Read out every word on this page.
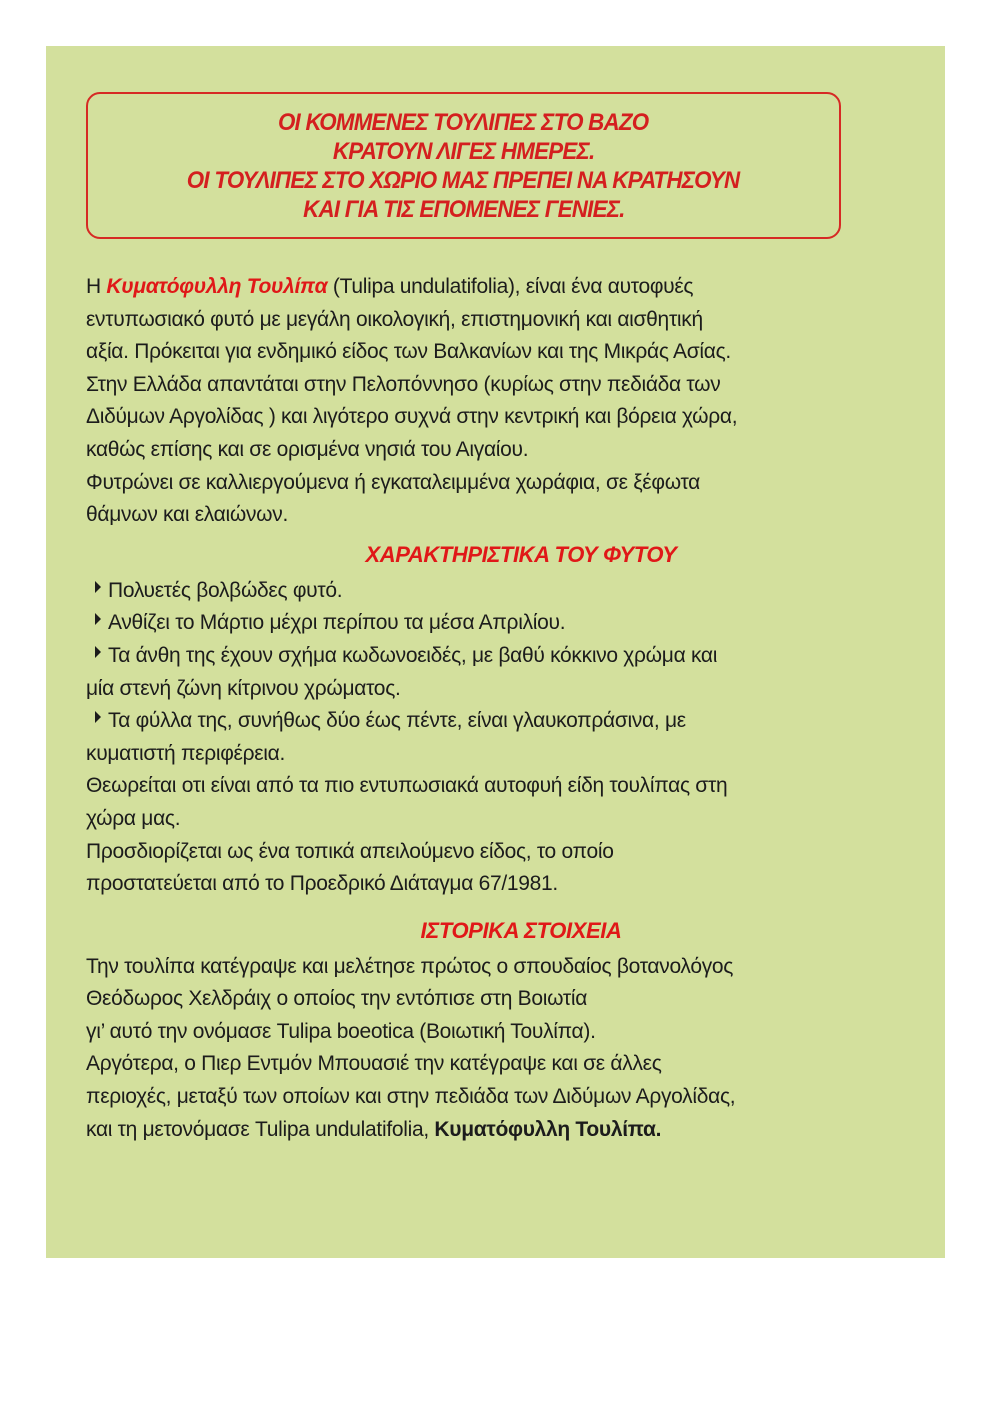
ΟΙ ΚΟΜΜΕΝΕΣ ΤΟΥΛΙΠΕΣ ΣΤΟ ΒΑΖΟ
ΚΡΑΤΟΥΝ ΛΙΓΕΣ ΗΜΕΡΕΣ.
ΟΙ ΤΟΥΛΙΠΕΣ ΣΤΟ ΧΩΡΙΟ ΜΑΣ ΠΡΕΠΕΙ ΝΑ ΚΡΑΤΗΣΟΥΝ
ΚΑΙ ΓΙΑ ΤΙΣ ΕΠΟΜΕΝΕΣ ΓΕΝΙΕΣ.

Η Κυματόφυλλη Τουλίπα (Tulipa undulatifolia), είναι ένα αυτοφυές

εντυπωσιακό φυτό με μεγάλη οικολογική, επιστημονική και αισθητική

αξία. Πρόκειται για ενδημικό είδος των Βαλκανίων και της Μικράς Ασίας.

Στην Ελλάδα απαντάται στην Πελοπόννησο (κυρίως στην πεδιάδα των

Διδύμων Αργολίδας ) και λιγότερο συχνά στην κεντρική και βόρεια χώρα,

καθώς επίσης και σε ορισμένα νησιά του Αιγαίου.

Φυτρώνει σε καλλιεργούμενα ή εγκαταλειμμένα χωράφια, σε ξέφωτα

θάμνων και ελαιώνων.

ΧΑΡΑΚΤΗΡΙΣΤΙΚΑ ΤΟΥ ΦΥΤΟΥ

Πολυετές βολβώδες φυτό.

Ανθίζει το Μάρτιο μέχρι περίπου τα μέσα Απριλίου.

Τα άνθη της έχουν σχήμα κωδωνοειδές, με βαθύ κόκκινο χρώμα και

μία στενή ζώνη κίτρινου χρώματος.

Τα φύλλα της, συνήθως δύο έως πέντε, είναι γλαυκοπράσινα, με

κυματιστή περιφέρεια.

Θεωρείται οτι είναι από τα πιο εντυπωσιακά αυτοφυή είδη τουλίπας στη

χώρα μας.

Προσδιορίζεται ως ένα τοπικά απειλούμενο είδος, το οποίο

προστατεύεται από το Προεδρικό Διάταγμα 67/1981.

ΙΣΤΟΡΙΚΑ ΣΤΟΙΧΕΙΑ

Την τουλίπα κατέγραψε και μελέτησε πρώτος ο σπουδαίος βοτανολόγος

Θεόδωρος Χελδράιχ ο οποίος την εντόπισε στη Βοιωτία

γι’ αυτό την ονόμασε Tulipa boeotica (Βοιωτική Τουλίπα).

Αργότερα, ο Πιερ Εντμόν Μπουασιέ την κατέγραψε και σε άλλες

περιοχές, μεταξύ των οποίων και στην πεδιάδα των Διδύμων Αργολίδας,

και τη μετονόμασε Tulipa undulatifolia, Κυματόφυλλη Τουλίπα.
